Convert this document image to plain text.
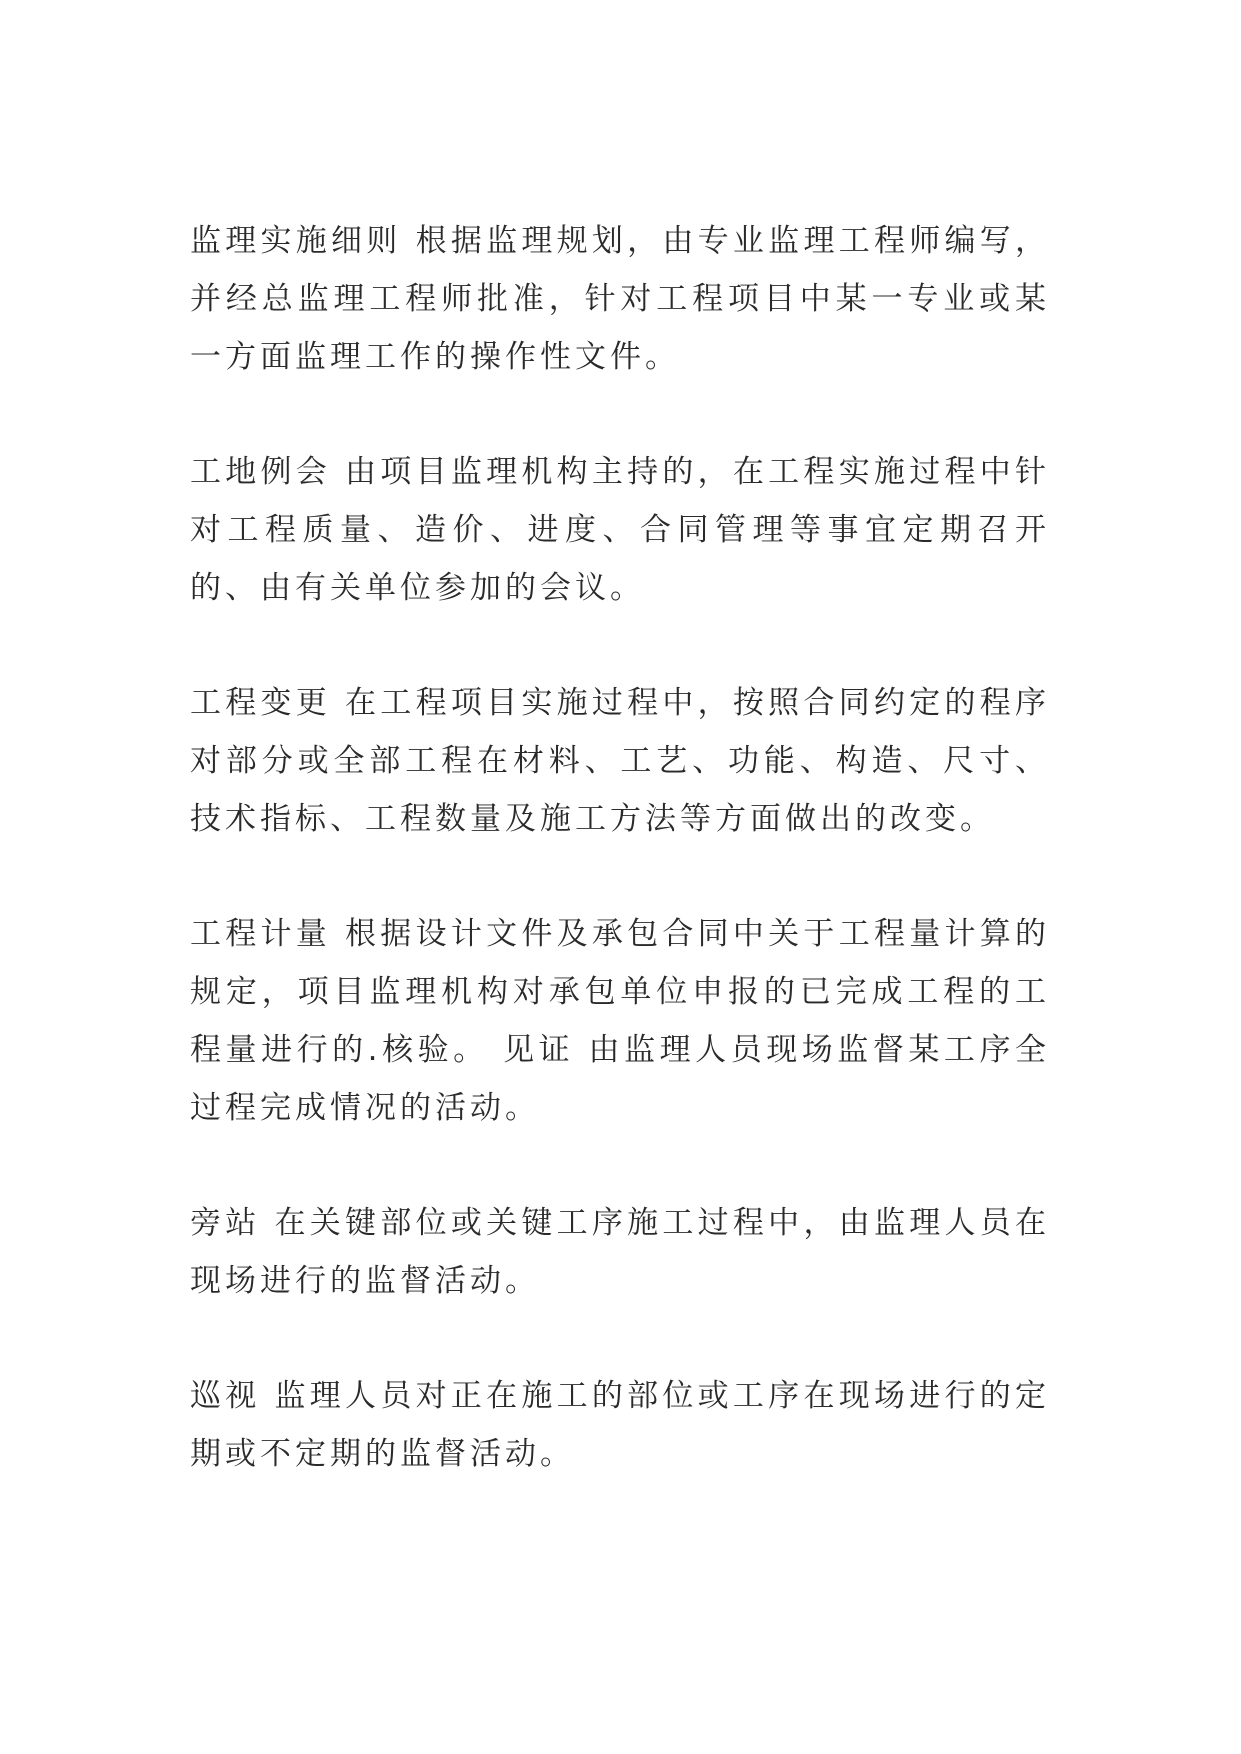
监理实施细则 根据监理规划，由专业监理工程师编写，并经总监理工程师批准，针对工程项目中某一专业或某一方面监理工作的操作性文件。

工地例会 由项目监理机构主持的，在工程实施过程中针对工程质量、造价、进度、合同管理等事宜定期召开的、由有关单位参加的会议。

工程变更 在工程项目实施过程中，按照合同约定的程序对部分或全部工程在材料、工艺、功能、构造、尺寸、技术指标、工程数量及施工方法等方面做出的改变。

工程计量 根据设计文件及承包合同中关于工程量计算的规定，项目监理机构对承包单位申报的已完成工程的工程量进行的.核验。 见证 由监理人员现场监督某工序全过程完成情况的活动。

旁站 在关键部位或关键工序施工过程中，由监理人员在现场进行的监督活动。

巡视 监理人员对正在施工的部位或工序在现场进行的定期或不定期的监督活动。
